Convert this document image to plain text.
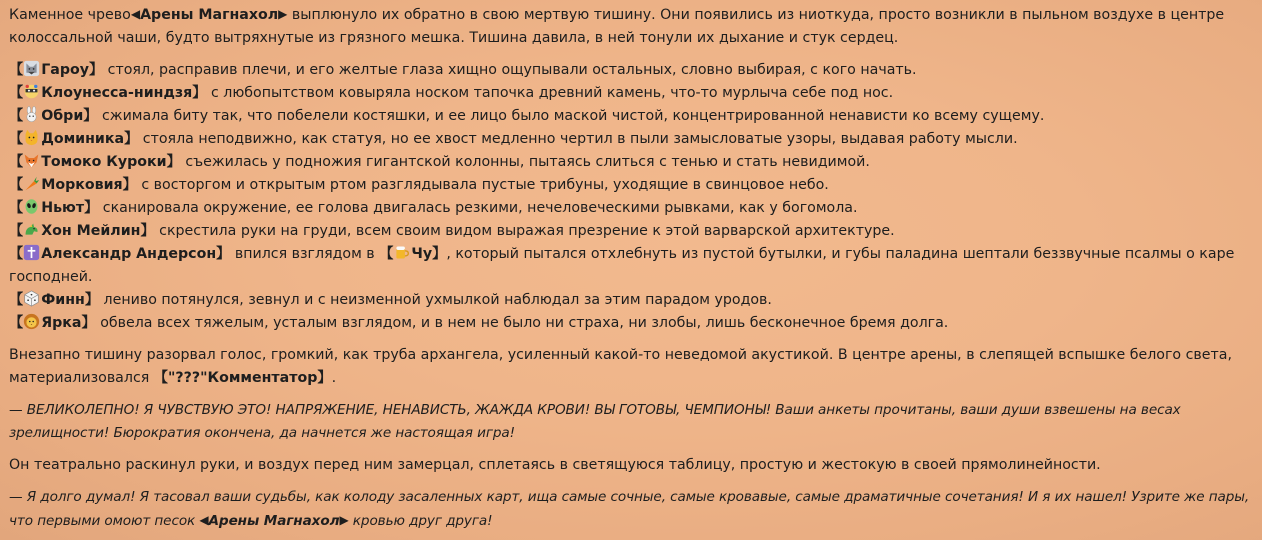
Каменное чрево◀Арены Магнахол▶ выплюнуло их обратно в свою мертвую тишину. Они появились из ниоткуда, просто возникли в пыльном воздухе в центре колоссальной чаши, будто вытряхнутые из грязного мешка. Тишина давила, в ней тонули их дыхание и стук сердец.

【 Гароу】 стоял, расправив плечи, и его желтые глаза хищно ощупывали остальных, словно выбирая, с кого начать.

【 Клоунесса-ниндзя】 с любопытством ковыряла носком тапочка древний камень, что-то мурлыча себе под нос.

【 Обри】 сжимала биту так, что побелели костяшки, и ее лицо было маской чистой, концентрированной ненависти ко всему сущему.

【 Доминика】 стояла неподвижно, как статуя, но ее хвост медленно чертил в пыли замысловатые узоры, выдавая работу мысли.

【 Томоко Куроки】 съежилась у подножия гигантской колонны, пытаясь слиться с тенью и стать невидимой.

【 Морковия】 с восторгом и открытым ртом разглядывала пустые трибуны, уходящие в свинцовое небо.

【 Ньют】 сканировала окружение, ее голова двигалась резкими, нечеловеческими рывками, как у богомола.

【 Хон Мейлин】 скрестила руки на груди, всем своим видом выражая презрение к этой варварской архитектуре.

【 Александр Андерсон】 впился взглядом в 【 Чу】, который пытался отхлебнуть из пустой бутылки, и губы паладина шептали беззвучные псалмы о каре господней.

【 Финн】 лениво потянулся, зевнул и с неизменной ухмылкой наблюдал за этим парадом уродов.

【 Ярка】 обвела всех тяжелым, усталым взглядом, и в нем не было ни страха, ни злобы, лишь бесконечное бремя долга.

Внезапно тишину разорвал голос, громкий, как труба архангела, усиленный какой-то неведомой акустикой. В центре арены, в слепящей вспышке белого света, материализовался 【"???"Комментатор】.

— ВЕЛИКОЛЕПНО! Я ЧУВСТВУЮ ЭТО! НАПРЯЖЕНИЕ, НЕНАВИСТЬ, ЖАЖДА КРОВИ! ВЫ ГОТОВЫ, ЧЕМПИОНЫ! Ваши анкеты прочитаны, ваши души взвешены на весах зрелищности! Бюрократия окончена, да начнется же настоящая игра!

Он театрально раскинул руки, и воздух перед ним замерцал, сплетаясь в светящуюся таблицу, простую и жестокую в своей прямолинейности.

— Я долго думал! Я тасовал ваши судьбы, как колоду засаленных карт, ища самые сочные, самые кровавые, самые драматичные сочетания! И я их нашел! Узрите же пары, что первыми омоют песок ◀Арены Магнахол▶ кровью друг друга!
